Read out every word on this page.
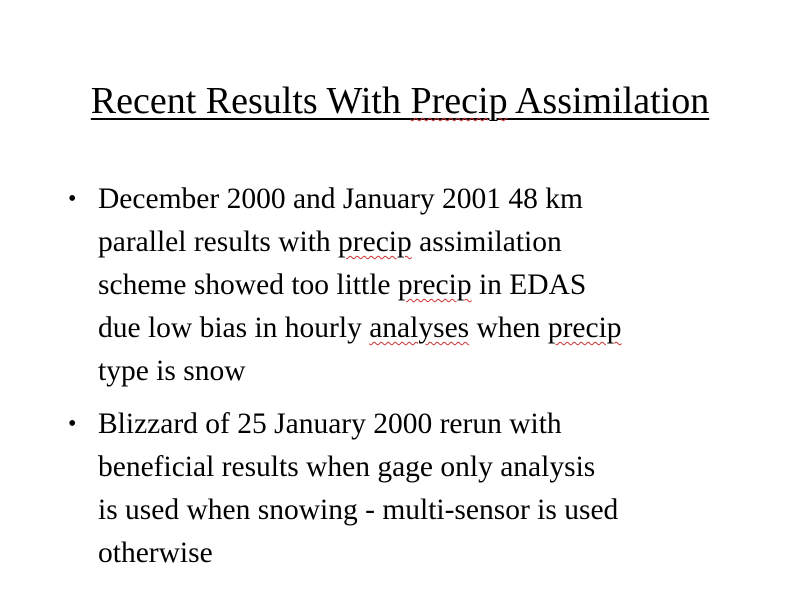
Recent Results With Precip Assimilation
• December 2000 and January 2001 48 km
parallel results with precip assimilation
scheme showed too little precip in EDAS
due low bias in hourly analyses when precip
type is snow
• Blizzard of 25 January 2000 rerun with
beneficial results when gage only analysis
is used when snowing - multi-sensor is used
otherwise
